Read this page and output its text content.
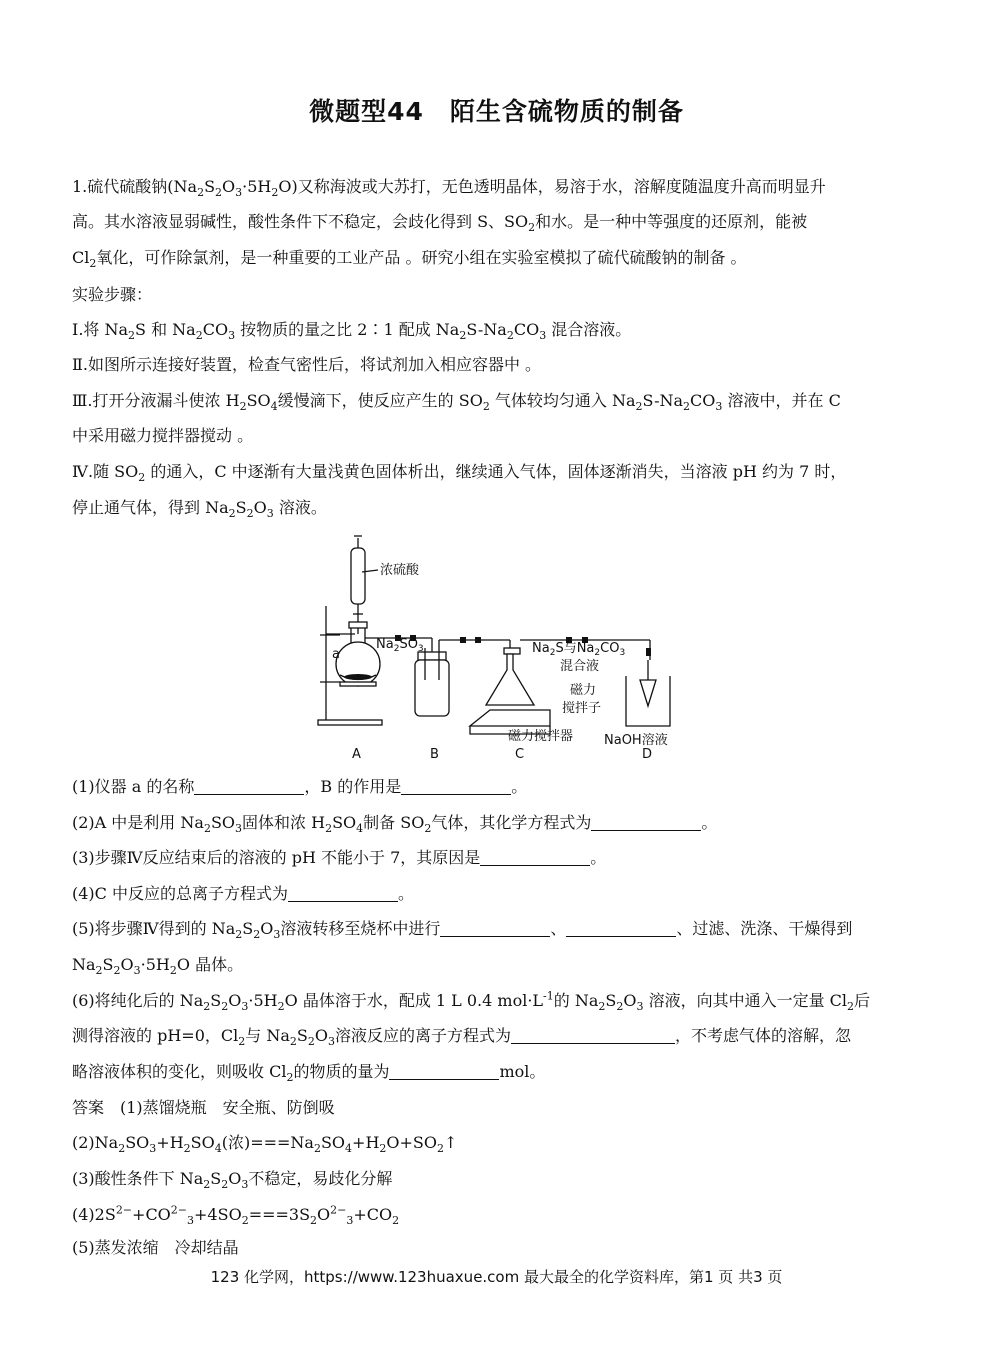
微题型44　陌生含硫物质的制备
1.硫代硫酸钠$(Na_2S_2O_3\cdot 5H_2O)$又称海波或大苏打，无色透明晶体，易溶于水，溶解度随温度升高而明显升
高。其水溶液显弱碱性，酸性条件下不稳定，会歧化得到 S、$SO_2$和水。是一种中等强度的还原剂，能被
$Cl_2$氧化，可作除氯剂，是一种重要的工业产品 。研究小组在实验室模拟了硫代硫酸钠的制备 。
实验步骤：
Ⅰ.将 $Na_2S$ 和 $Na_2CO_3$ 按物质的量之比 2∶1 配成 $Na_2S-Na_2CO_3$ 混合溶液。
Ⅱ.如图所示连接好装置，检查气密性后，将试剂加入相应容器中 。
Ⅲ.打开分液漏斗使浓 $H_2SO_4$缓慢滴下，使反应产生的 $SO_2$ 气体较均匀通入 $Na_2S-Na_2CO_3$ 溶液中，并在 C
中采用磁力搅拌器搅动 。
Ⅳ.随 $SO_2$ 的通入，C 中逐渐有大量浅黄色固体析出，继续通入气体，固体逐渐消失，当溶液 pH 约为 7 时，
停止通气体，得到 $Na_2S_2O_3$ 溶液。
浓硫酸
$Na_2SO_3$
a	$Na_2S$与$Na_2CO_3$
混合液
磁力
搅拌子
磁力搅拌器 NaOH溶液
A	B	C	D
(1)仪器 a 的名称	，B 的作用是	。
(2)A 中是利用 $Na_2SO_3$固体和浓 $H_2SO_4$制备 $SO_2$气体，其化学方程式为	。
(3)步骤Ⅳ反应结束后的溶液的 pH 不能小于 7，其原因是	。
(4)C 中反应的总离子方程式为	。
(5)将步骤Ⅳ得到的 $Na_2S_2O_3$溶液转移至烧杯中进行	、	、过滤、洗涤、干燥得到
$Na_2S_2O_3\cdot 5H_2O$ 晶体。
(6)将纯化后的 $Na_2S_2O_3\cdot 5H_2O$ 晶体溶于水，配成 1 L 0.4 $mol\cdot L^{-1}$的 $Na_2S_2O_3$ 溶液，向其中通入一定量 $Cl_2$后
测得溶液的 pH=0，$Cl_2$与 $Na_2S_2O_3$溶液反应的离子方程式为	，不考虑气体的溶解，忽
略溶液体积的变化，则吸收 $Cl_2$的物质的量为	mol。
答案　(1)蒸馏烧瓶　安全瓶、防倒吸
$(2)Na_2SO_3+H_2SO_4$(浓)$===Na_2SO_4+H_2O+SO_2↑$
(3)酸性条件下 $Na_2S_2O_3$不稳定，易歧化分解
$(4)2S^{2-}+CO^{2-}_3+4SO_2===3S_2O^{2-}_3+CO_2$
(5)蒸发浓缩　冷却结晶
123 化学网，https://www.123huaxue.com 最大最全的化学资料库，第1 页 共3 页
